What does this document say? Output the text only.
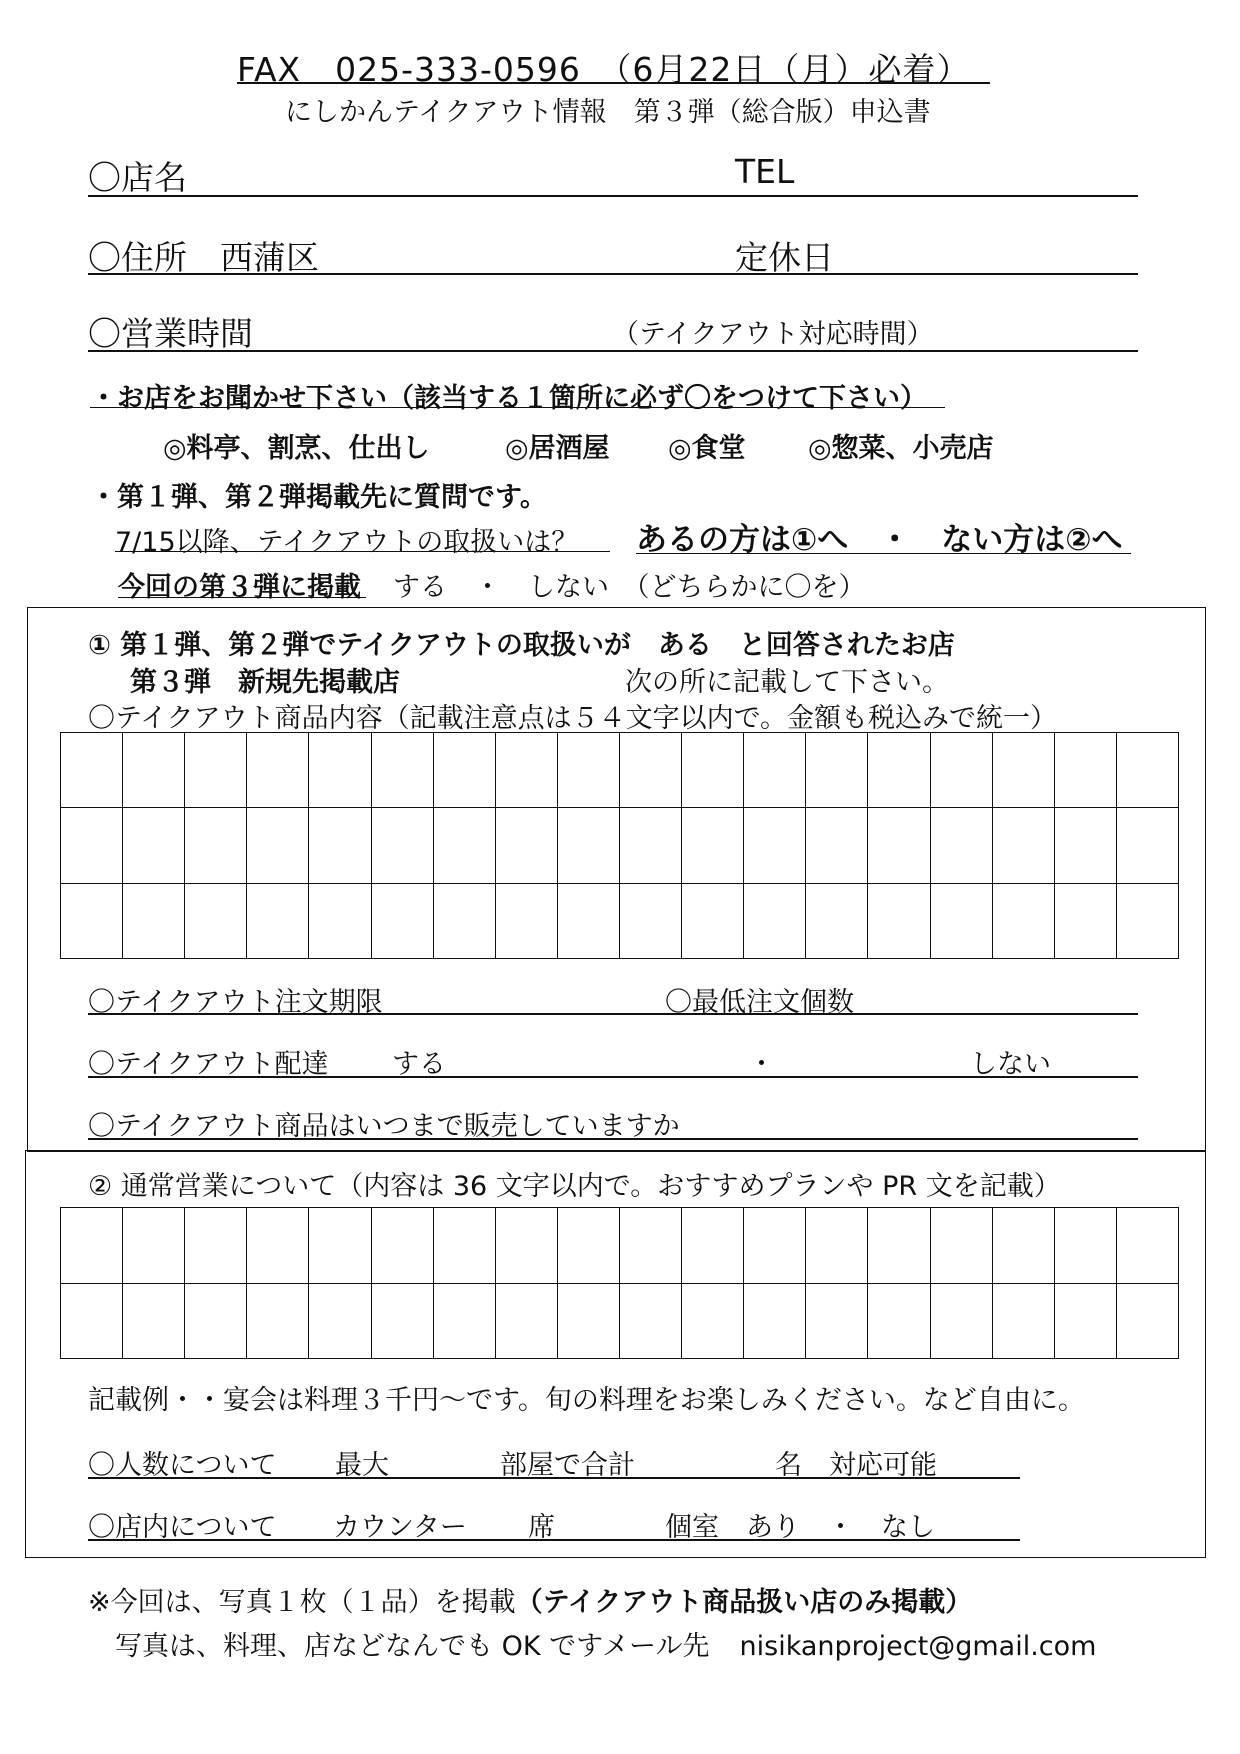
FAX　025-333-0596　（6月22日（月）必着）
にしかんテイクアウト情報　第３弾（総合版）申込書
〇店名	TEL
〇住所　西蒲区	定休日
〇営業時間	（テイクアウト対応時間）
・お店をお聞かせ下さい（該当する１箇所に必ず〇をつけて下さい）
◎料亭、割烹、仕出し	◎居酒屋 ◎食堂 ◎惣菜、小売店
・第１弾、第２弾掲載先に質問です。
7/15以降、テイクアウトの取扱いは？ あるの方は①へ　・　ない方は②へ
今回の第３弾に掲載 する　・　しない　（どちらかに〇を）
① 第１弾、第２弾でテイクアウトの取扱いが　ある　と回答されたお店
第３弾　新規先掲載店	次の所に記載して下さい。
〇テイクアウト商品内容（記載注意点は５４文字以内で。金額も税込みで統一）
〇テイクアウト注文期限	〇最低注文個数
〇テイクアウト配達 する	・	しない
〇テイクアウト商品はいつまで販売していますか
② 通常営業について（内容は 36 文字以内で。おすすめプランや PR 文を記載）
記載例・・宴会は料理３千円～です。旬の料理をお楽しみください。など自由に。
〇人数について 最大	部屋で合計	名　対応可能
〇店内について カウンター 席	個室　あり　・　なし
※今回は、写真１枚（１品）を掲載（テイクアウト商品扱い店のみ掲載）
写真は、料理、店などなんでも OK ですメール先 nisikanproject@gmail.com
